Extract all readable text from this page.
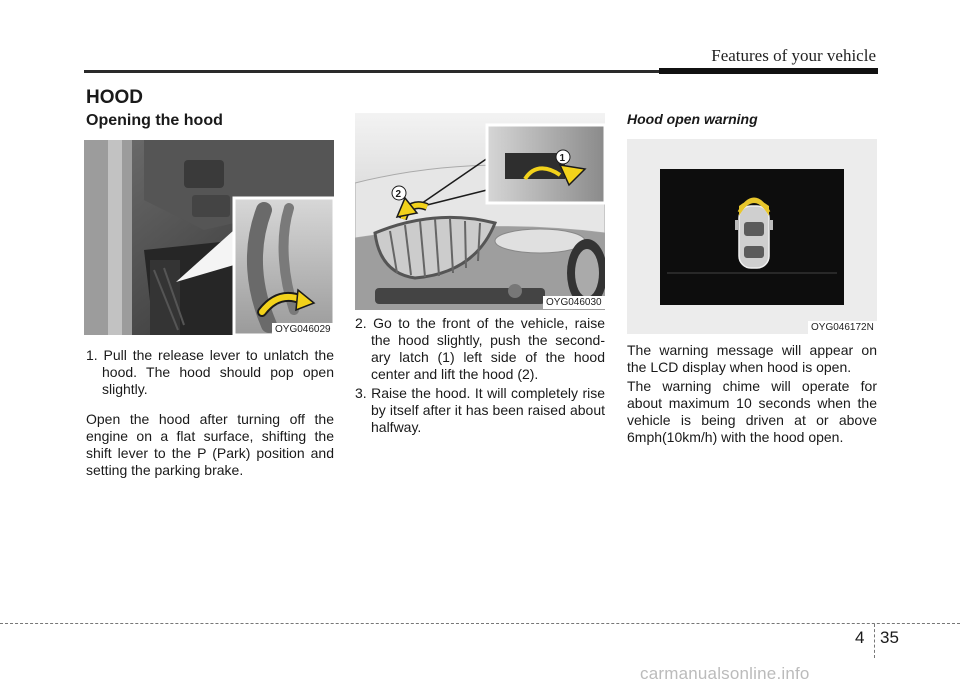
Features of your vehicle
HOOD
Opening the hood
OYG046029
1. Pull the release lever to unlatch the hood. The hood should pop open slightly.
Open the hood after turning off the engine on a flat surface, shifting the shift lever to the P (Park) position and setting the parking brake.
1
2
OYG046030
2. Go to the front of the vehicle, raise the hood slightly, push the second-ary latch (1) left side of the hood center and lift the hood (2).
3. Raise the hood. It will completely rise by itself after it has been raised about halfway.
Hood open warning
OYG046172N
The warning message will appear on the LCD display when hood is open.
The warning chime will operate for about maximum 10 seconds when the vehicle is being driven at or above 6mph(10km/h) with the hood open.
4 35
carmanualsonline.info
